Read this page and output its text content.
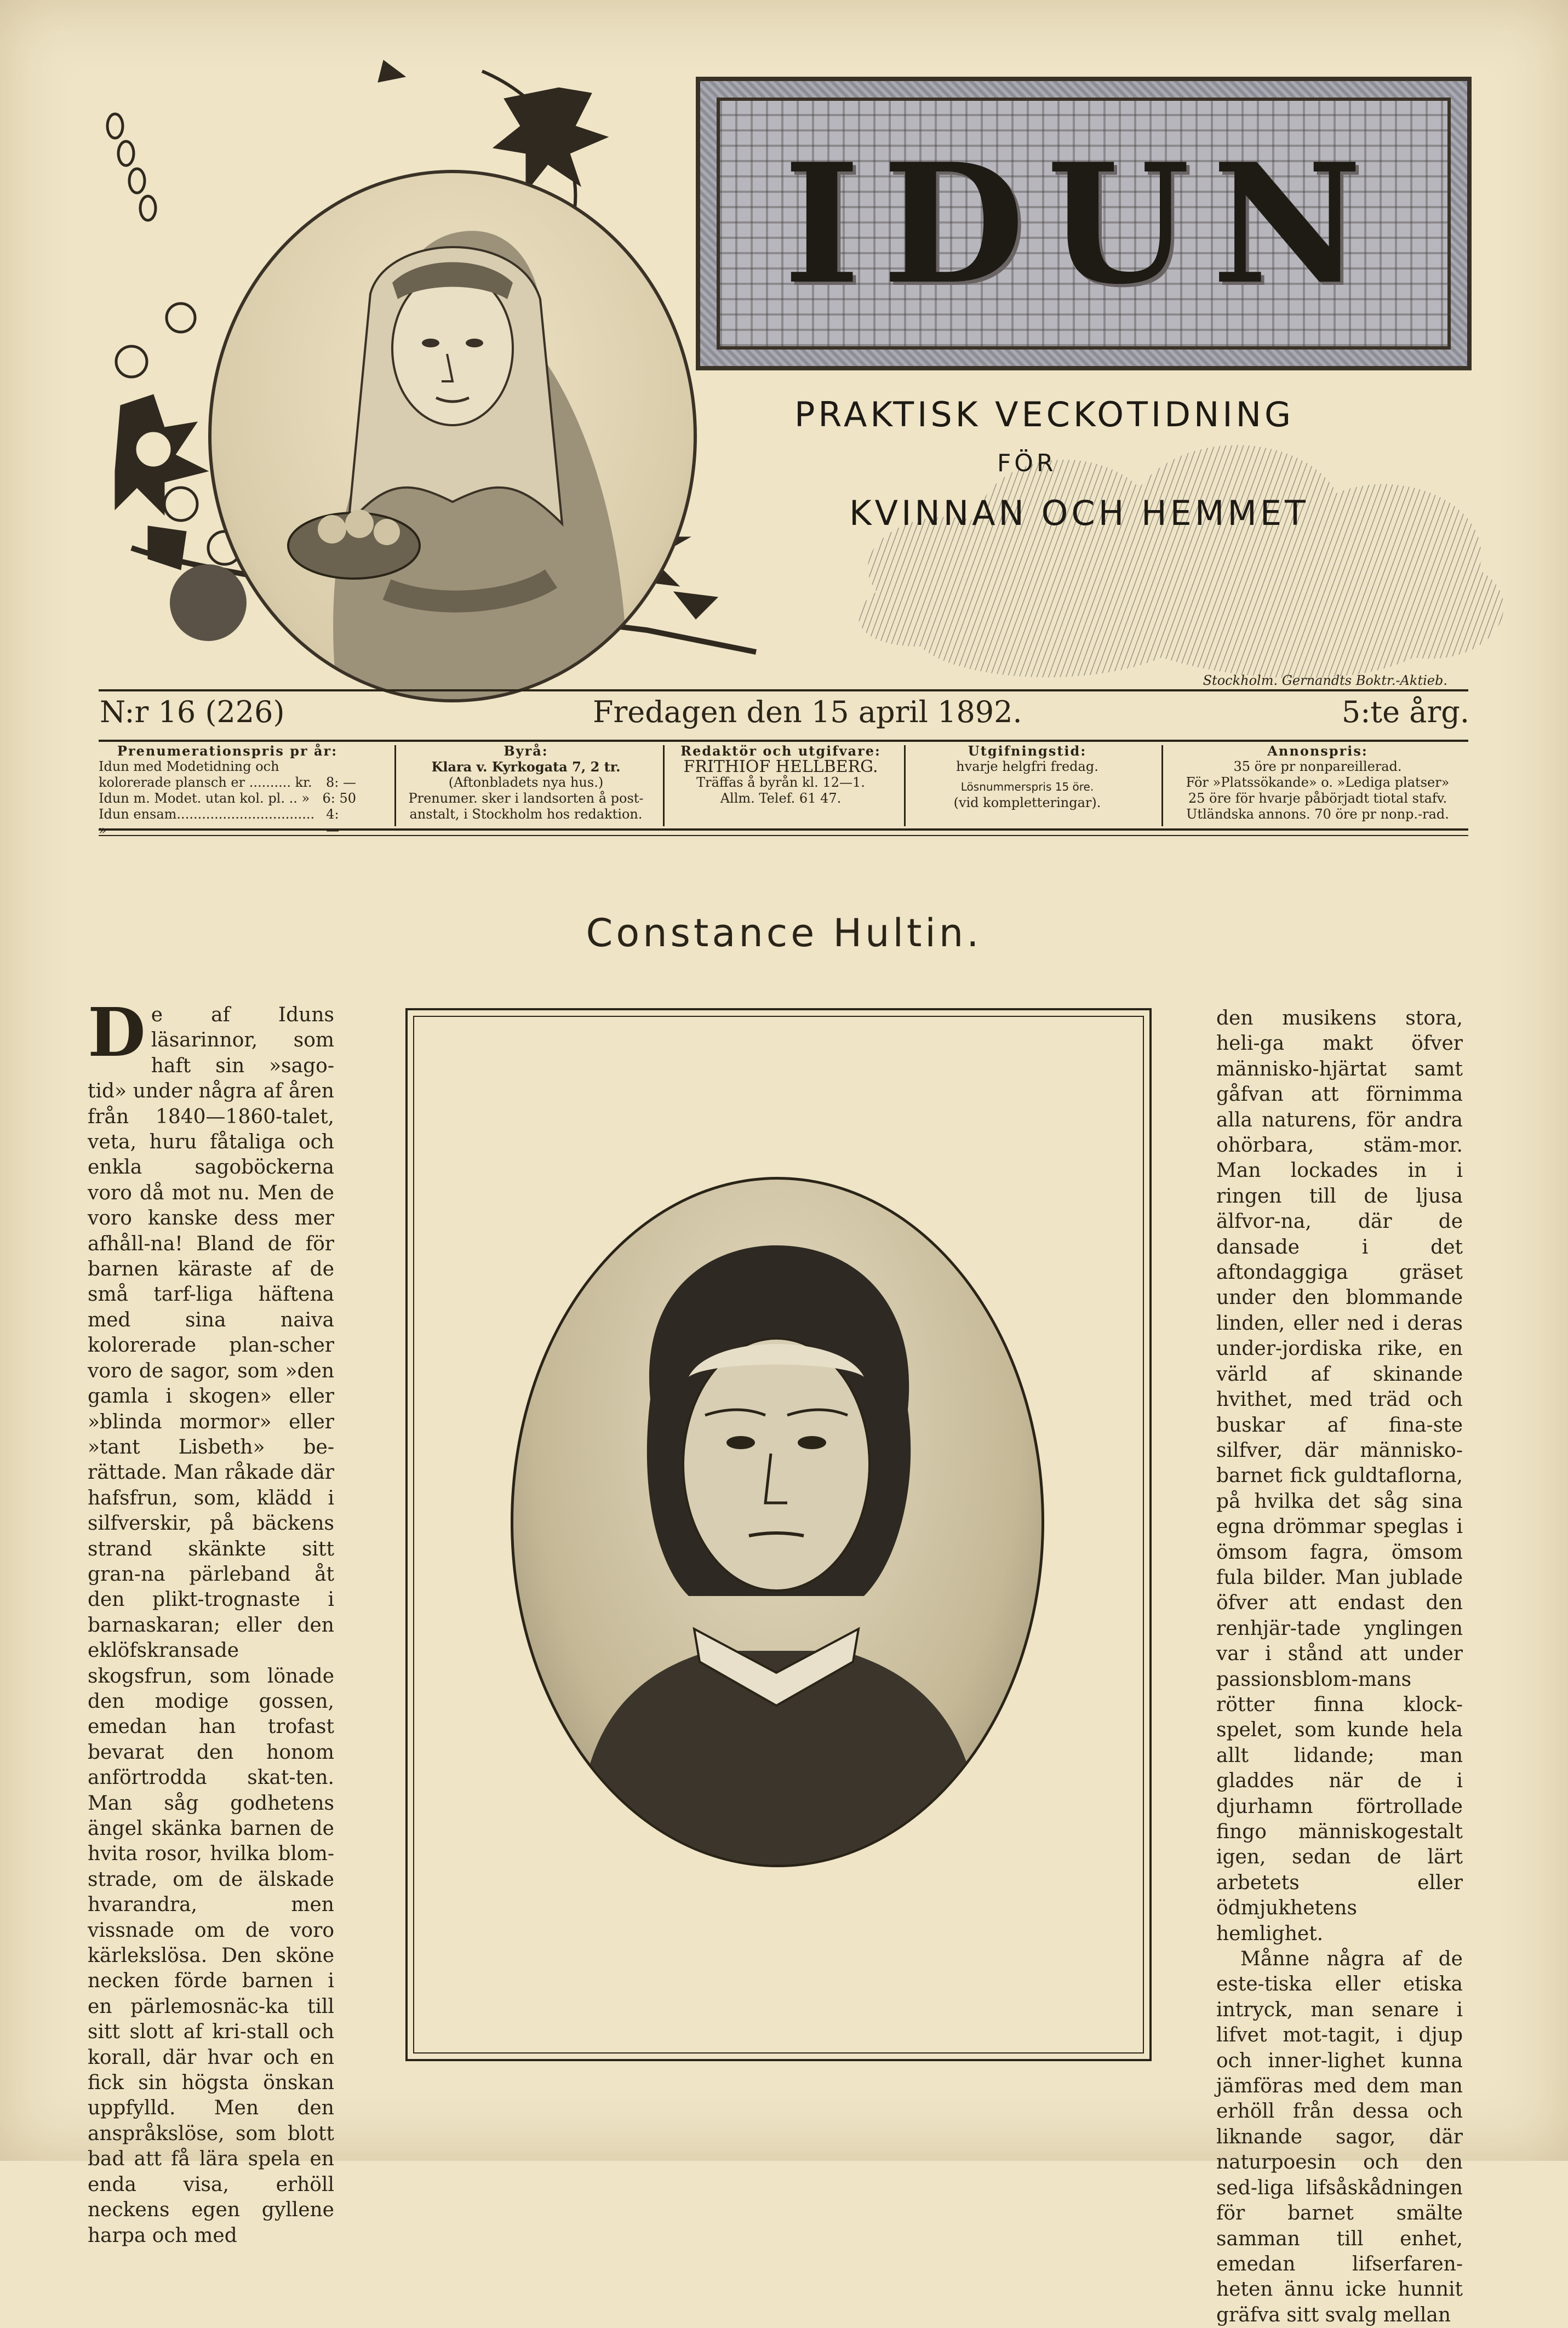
IDUN
PRAKTISK VECKOTIDNING
FÖR
KVINNAN OCH HEMMET
Stockholm. Gernandts Boktr.-Aktieb.
N:r 16 (226)	Fredagen den 15 april 1892.	5:te årg.
Prenumerationspris pr år:
Idun med Modetidning och
kolorerade plansch er .......... kr. 8: —
Idun m. Modet. utan kol. pl. .. » 6: 50
Idun ensam................................. »
4: —
Byrå:
Klara v. Kyrkogata 7, 2 tr.
(Aftonbladets nya hus.)
Prenumer. sker i landsorten å post-
anstalt, i Stockholm hos redaktion.
Redaktör och utgifvare:
FRITHIOF HELLBERG.
Träffas å byrån kl. 12—1.
Allm. Telef. 61 47.
Utgifningstid:
hvarje helgfri fredag.
Lösnummerspris 15 öre.
(vid kompletteringar).
Annonspris:
35 öre pr nonpareillerad.
För »Platssökande» o. »Lediga platser»
25 öre för hvarje påbörjadt tiotal stafv.
Utländska annons. 70 öre pr nonp.-rad.
Constance Hultin.
De af Iduns läsarinnor, som haft sin »sago-tid» under några af åren från 1840—1860-talet, veta, huru fåtaliga och enkla sagoböckerna voro då mot nu. Men de voro kanske dess mer afhåll-na! Bland de för barnen käraste af de små tarf-liga häftena med sina naiva kolorerade plan-scher voro de sagor, som »den gamla i skogen» eller »blinda mormor» eller »tant Lisbeth» be-rättade. Man råkade där hafsfrun, som, klädd i silfverskir, på bäckens strand skänkte sitt gran-na pärleband åt den plikt-trognaste i barnaskaran; eller den eklöfskransade skogsfrun, som lönade den modige gossen, emedan han trofast bevarat den honom anförtrodda skat-ten. Man såg godhetens ängel skänka barnen de hvita rosor, hvilka blom-strade, om de älskade hvarandra, men vissnade om de voro kärlekslösa. Den sköne necken förde barnen i en pärlemosnäc-ka till sitt slott af kri-stall och korall, där hvar och en fick sin högsta önskan uppfylld. Men den anspråkslöse, som blott bad att få lära spela en enda visa, erhöll neckens egen gyllene harpa och med
den musikens stora, heli-ga makt öfver människo-hjärtat samt gåfvan att förnimma alla naturens, för andra ohörbara, stäm-mor. Man lockades in i ringen till de ljusa älfvor-na, där de dansade i det aftondaggiga gräset under den blommande linden, eller ned i deras under-jordiska rike, en värld af skinande hvithet, med träd och buskar af fina-ste silfver, där människo-barnet fick guldtaflorna, på hvilka det såg sina egna drömmar speglas i ömsom fagra, ömsom fula bilder. Man jublade öfver att endast den renhjär-tade ynglingen var i stånd att under passionsblom-mans rötter finna klock-spelet, som kunde hela allt lidande; man gladdes när de i djurhamn förtrollade fingo människogestalt igen, sedan de lärt arbetets eller ödmjukhetens hemlighet.
Månne några af de este-tiska eller etiska intryck, man senare i lifvet mot-tagit, i djup och inner-lighet kunna jämföras med dem man erhöll från dessa och liknande sagor, där naturpoesin och den sed-liga lifsåskådningen för barnet smälte samman till enhet, emedan lifserfaren-heten ännu icke hunnit gräfva sitt svalg mellan
